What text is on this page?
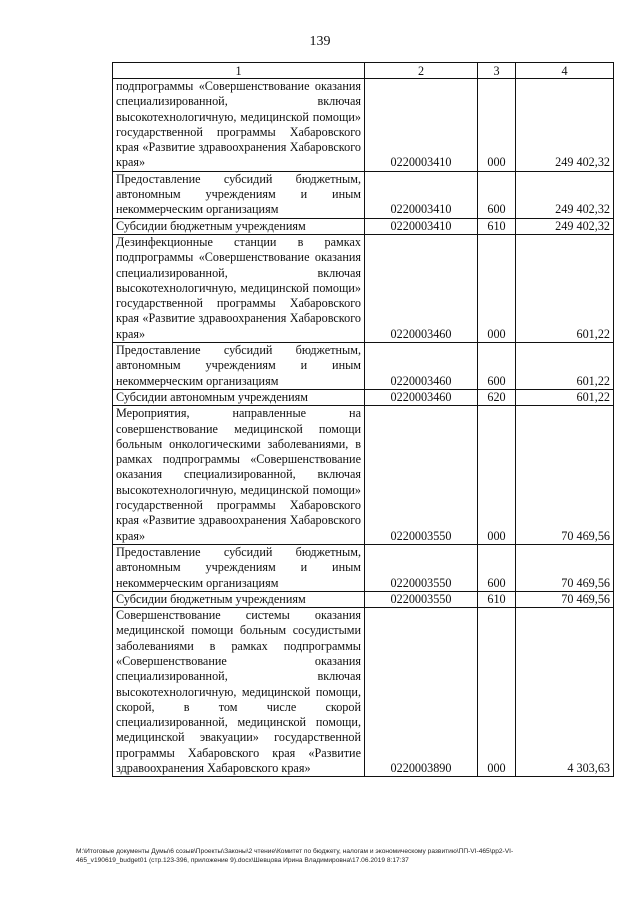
139
1	2	3	4
подпрограммы «Совершенствование оказания специализированной, включая высокотехнологичную, медицинской помощи» государственной программы Хабаровского края «Развитие здравоохранения Хабаровского края»	0220003410	000	249 402,32
Предоставление субсидий бюджетным, автономным учреждениям и иным некоммерческим организациям	0220003410	600	249 402,32
Субсидии бюджетным учреждениям	0220003410	610	249 402,32
Дезинфекционные станции в рамках подпрограммы «Совершенствование оказания специализированной, включая высокотехнологичную, медицинской помощи» государственной программы Хабаровского края «Развитие здравоохранения Хабаровского края»	0220003460	000	601,22
Предоставление субсидий бюджетным, автономным учреждениям и иным некоммерческим организациям	0220003460	600	601,22
Субсидии автономным учреждениям	0220003460	620	601,22
Мероприятия, направленные на совершенствование медицинской помощи больным онкологическими заболеваниями, в рамках подпрограммы «Совершенствование оказания специализированной, включая высокотехнологичную, медицинской помощи» государственной программы Хабаровского края «Развитие здравоохранения Хабаровского края»	0220003550	000	70 469,56
Предоставление субсидий бюджетным, автономным учреждениям и иным некоммерческим организациям	0220003550	600	70 469,56
Субсидии бюджетным учреждениям	0220003550	610	70 469,56
Совершенствование системы оказания медицинской помощи больным сосудистыми заболеваниями в рамках подпрограммы «Совершенствование оказания специализированной, включая высокотехнологичную, медицинской помощи, скорой, в том числе скорой специализированной, медицинской помощи, медицинской эвакуации» государственной программы Хабаровского края «Развитие здравоохранения Хабаровского края»	0220003890	000	4 303,63
M:\Итоговые документы Думы\6 созыв\Проекты\Законы\2 чтение\Комитет по бюджету, налогам и экономическому развитию\ПП-VI-465\pp2-VI-
465_v190619_budget01 (стр.123-396, приложение 9).docx\Шевцова Ирина Владимировна\17.06.2019 8:17:37
